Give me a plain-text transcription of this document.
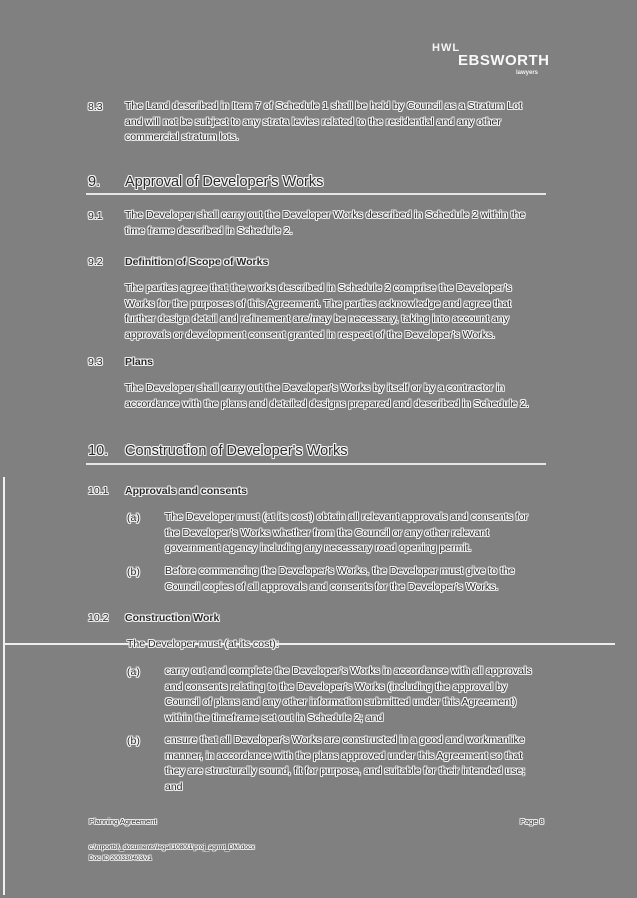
HWL
EBSWORTH
lawyers
8.3 The Land described in Item 7 of Schedule 1 shall be held by Council as a Stratum Lot
and will not be subject to any strata levies related to the residential and any other
commercial stratum lots.
9. Approval of Developer's Works
9.1 The Developer shall carry out the Developer Works described in Schedule 2 within the
time frame described in Schedule 2.
9.2 Definition of Scope of Works
The parties agree that the works described in Schedule 2 comprise the Developer's
Works for the purposes of this Agreement. The parties acknowledge and agree that
further design detail and refinement are/may be necessary, taking into account any
approvals or development consent granted in respect of the Developer's Works.
9.3 Plans
The Developer shall carry out the Developer's Works by itself or by a contractor in
accordance with the plans and detailed designs prepared and described in Schedule 2.
10. Construction of Developer's Works
10.1 Approvals and consents
(a) The Developer must (at its cost) obtain all relevant approvals and consents for
the Developer's Works whether from the Council or any other relevant
government agency including any necessary road opening permit.
(b) Before commencing the Developer's Works, the Developer must give to the
Council copies of all approvals and consents for the Developer's Works.
10.2 Construction Work
The Developer must (at its cost):
(a) carry out and complete the Developer's Works in accordance with all approvals
and consents relating to the Developer's Works (including the approval by
Council of plans and any other information submitted under this Agreement)
within the timeframe set out in Schedule 2; and
(b) ensure that all Developer's Works are constructed in a good and workmanlike
manner, in accordance with the plans approved under this Agreement so that
they are structurally sound, fit for purpose, and suitable for their intended use;
and
Planning Agreement	Page 8
c:\nrportbl\_documents\legal\1080\1\proj_agrmt_DM.docx
Doc ID 200330403/v1
